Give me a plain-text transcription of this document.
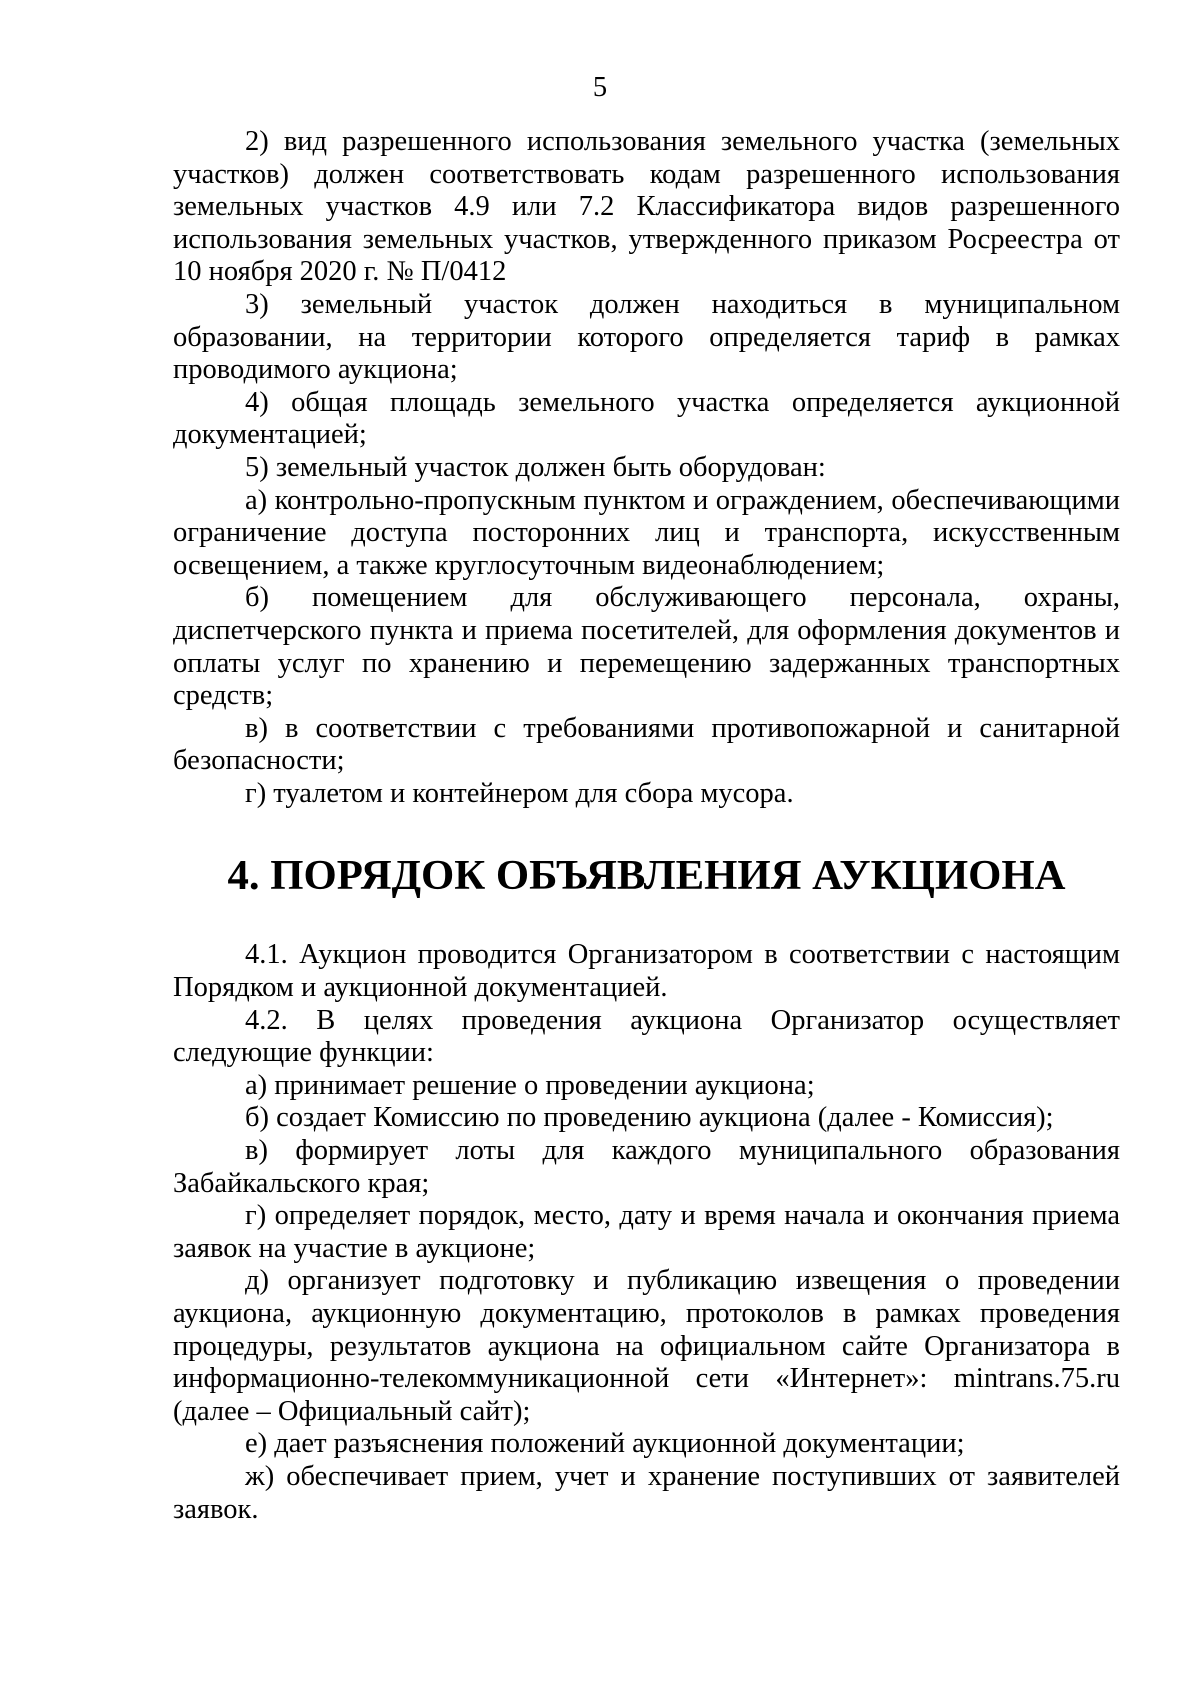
5

2) вид разрешенного использования земельного участка (земельных участков) должен соответствовать кодам разрешенного использования земельных участков 4.9 или 7.2 Классификатора видов разрешенного использования земельных участков, утвержденного приказом Росреестра от 10 ноября 2020 г. № П/0412

3) земельный участок должен находиться в муниципальном образовании, на территории которого определяется тариф в рамках проводимого аукциона;

4) общая площадь земельного участка определяется аукционной документацией;

5) земельный участок должен быть оборудован:

а) контрольно-пропускным пунктом и ограждением, обеспечивающими ограничение доступа посторонних лиц и транспорта, искусственным освещением, а также круглосуточным видеонаблюдением;

б) помещением для обслуживающего персонала, охраны, диспетчерского пункта и приема посетителей, для оформления документов и оплаты услуг по хранению и перемещению задержанных транспортных средств;

в) в соответствии с требованиями противопожарной и санитарной безопасности;

г) туалетом и контейнером для сбора мусора.

4. ПОРЯДОК ОБЪЯВЛЕНИЯ АУКЦИОНА

4.1. Аукцион проводится Организатором в соответствии с настоящим Порядком и аукционной документацией.

4.2. В целях проведения аукциона Организатор осуществляет следующие функции:

а) принимает решение о проведении аукциона;

б) создает Комиссию по проведению аукциона (далее - Комиссия);

в) формирует лоты для каждого муниципального образования Забайкальского края;

г) определяет порядок, место, дату и время начала и окончания приема заявок на участие в аукционе;

д) организует подготовку и публикацию извещения о проведении аукциона, аукционную документацию, протоколов в рамках проведения процедуры, результатов аукциона на официальном сайте Организатора в информационно-телекоммуникационной сети «Интернет»: mintrans.75.ru (далее – Официальный сайт);

е) дает разъяснения положений аукционной документации;

ж) обеспечивает прием, учет и хранение поступивших от заявителей заявок.
